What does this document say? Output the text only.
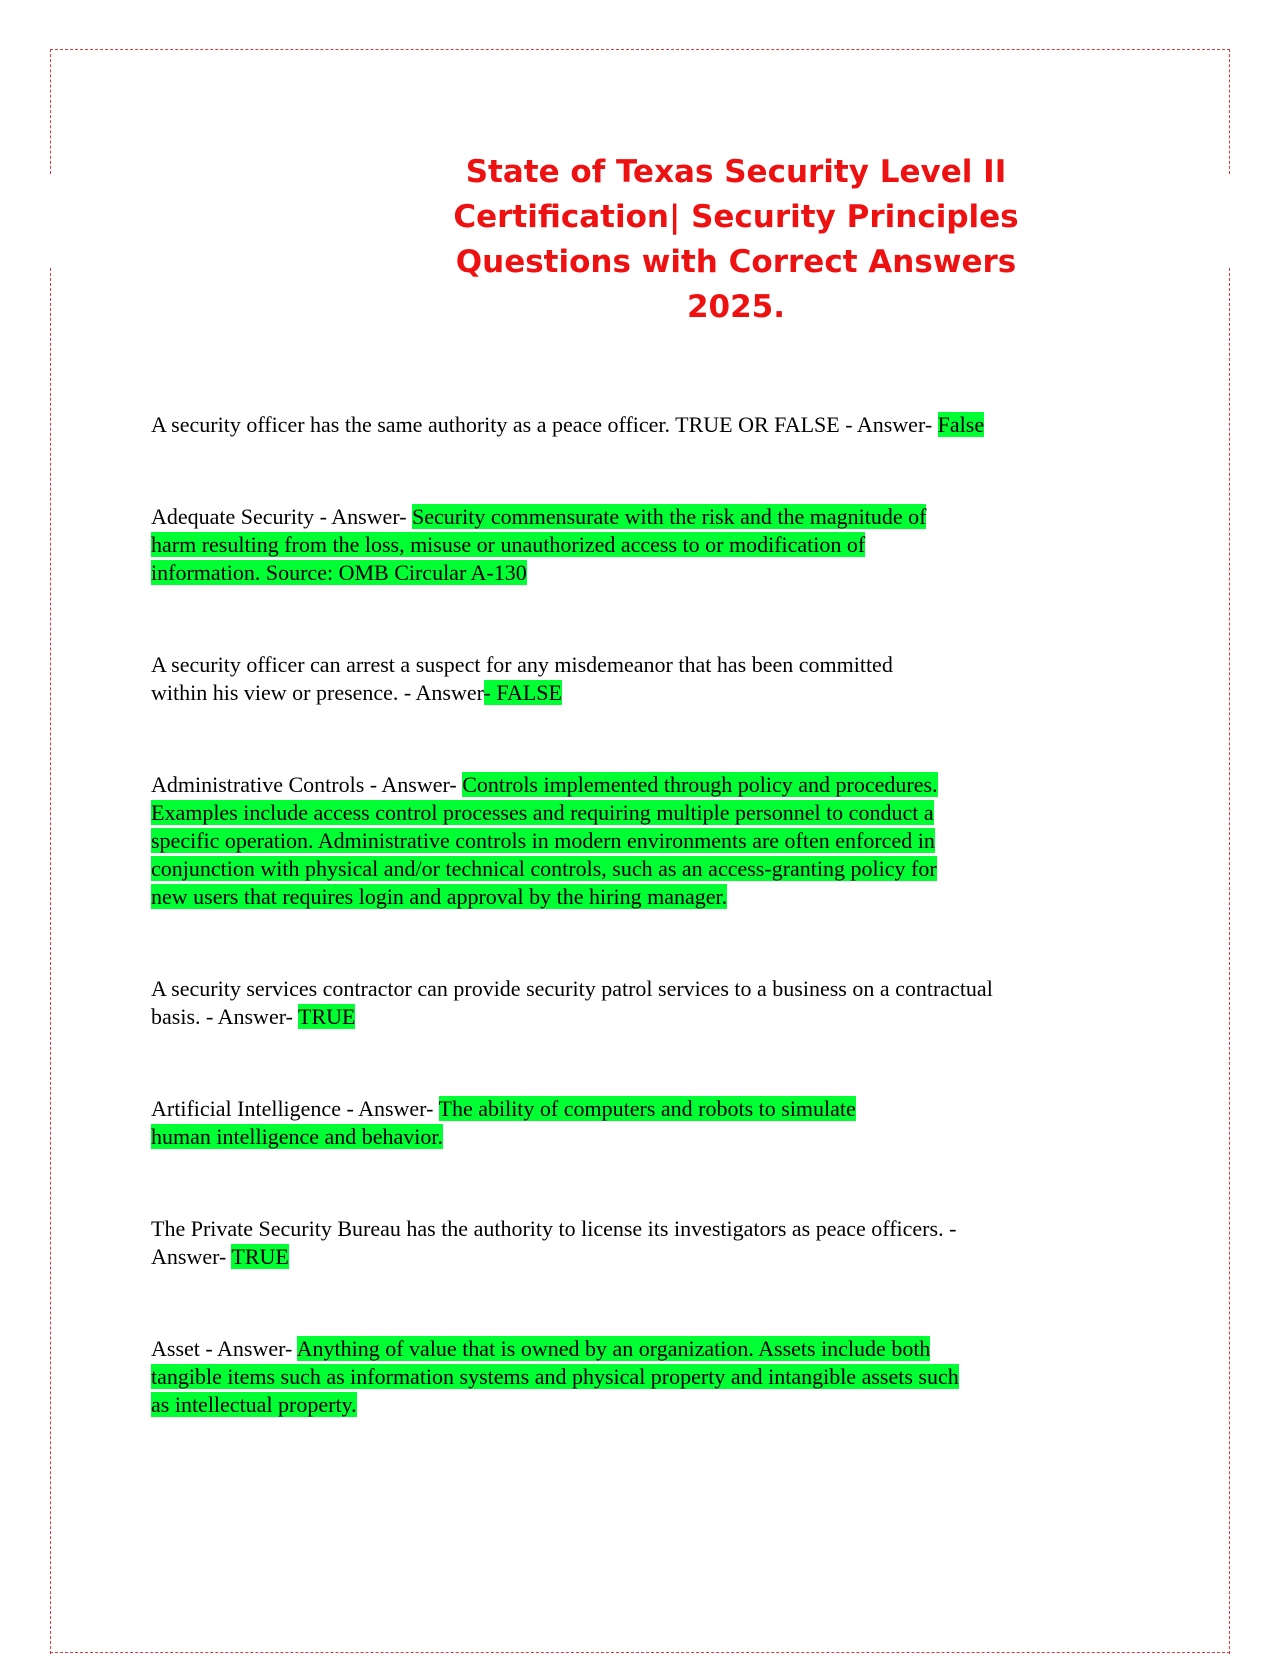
State of Texas Security Level II
Certification| Security Principles
Questions with Correct Answers
2025.

A security officer has the same authority as a peace officer. TRUE OR FALSE - Answer- False

Adequate Security - Answer- Security commensurate with the risk and the magnitude of
harm resulting from the loss, misuse or unauthorized access to or modification of
information. Source: OMB Circular A-130

A security officer can arrest a suspect for any misdemeanor that has been committed
within his view or presence. - Answer- FALSE

Administrative Controls - Answer- Controls implemented through policy and procedures.
Examples include access control processes and requiring multiple personnel to conduct a
specific operation. Administrative controls in modern environments are often enforced in
conjunction with physical and/or technical controls, such as an access-granting policy for
new users that requires login and approval by the hiring manager.

A security services contractor can provide security patrol services to a business on a contractual
basis. - Answer- TRUE

Artificial Intelligence - Answer- The ability of computers and robots to simulate
human intelligence and behavior.

The Private Security Bureau has the authority to license its investigators as peace officers. -
Answer- TRUE

Asset - Answer- Anything of value that is owned by an organization. Assets include both
tangible items such as information systems and physical property and intangible assets such
as intellectual property.
